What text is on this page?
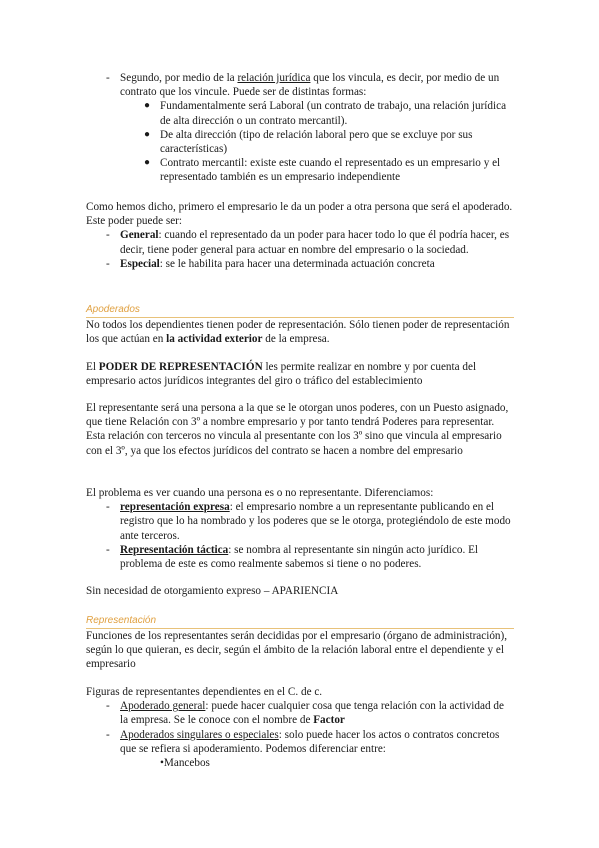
- Segundo, por medio de la relación jurídica que los vincula, es decir, por medio de un contrato que los vincule. Puede ser de distintas formas:
● Fundamentalmente será Laboral (un contrato de trabajo, una relación jurídica de alta dirección o un contrato mercantil).
● De alta dirección (tipo de relación laboral pero que se excluye por sus características)
● Contrato mercantil: existe este cuando el representado es un empresario y el representado también es un empresario independiente
Como hemos dicho, primero el empresario le da un poder a otra persona que será el apoderado. Este poder puede ser:
- General: cuando el representado da un poder para hacer todo lo que él podría hacer, es decir, tiene poder general para actuar en nombre del empresario o la sociedad.
- Especial: se le habilita para hacer una determinada actuación concreta
Apoderados
No todos los dependientes tienen poder de representación. Sólo tienen poder de representación los que actúan en la actividad exterior de la empresa.
El PODER DE REPRESENTACIÓN les permite realizar en nombre y por cuenta del empresario actos jurídicos integrantes del giro o tráfico del establecimiento
El representante será una persona a la que se le otorgan unos poderes, con un Puesto asignado, que tiene Relación con 3º a nombre empresario y por tanto tendrá Poderes para representar. Esta relación con terceros no vincula al presentante con los 3º sino que vincula al empresario con el 3º, ya que los efectos jurídicos del contrato se hacen a nombre del empresario
El problema es ver cuando una persona es o no representante. Diferenciamos:
- representación expresa: el empresario nombre a un representante publicando en el registro que lo ha nombrado y los poderes que se le otorga, protegiéndolo de este modo ante terceros.
- Representación táctica: se nombra al representante sin ningún acto jurídico. El problema de este es como realmente sabemos si tiene o no poderes.
Sin necesidad de otorgamiento expreso – APARIENCIA
Representación
Funciones de los representantes serán decididas por el empresario (órgano de administración), según lo que quieran, es decir, según el ámbito de la relación laboral entre el dependiente y el empresario
Figuras de representantes dependientes en el C. de c.
- Apoderado general: puede hacer cualquier cosa que tenga relación con la actividad de la empresa. Se le conoce con el nombre de Factor
- Apoderados singulares o especiales: solo puede hacer los actos o contratos concretos que se refiera si apoderamiento. Podemos diferenciar entre:
•Mancebos
